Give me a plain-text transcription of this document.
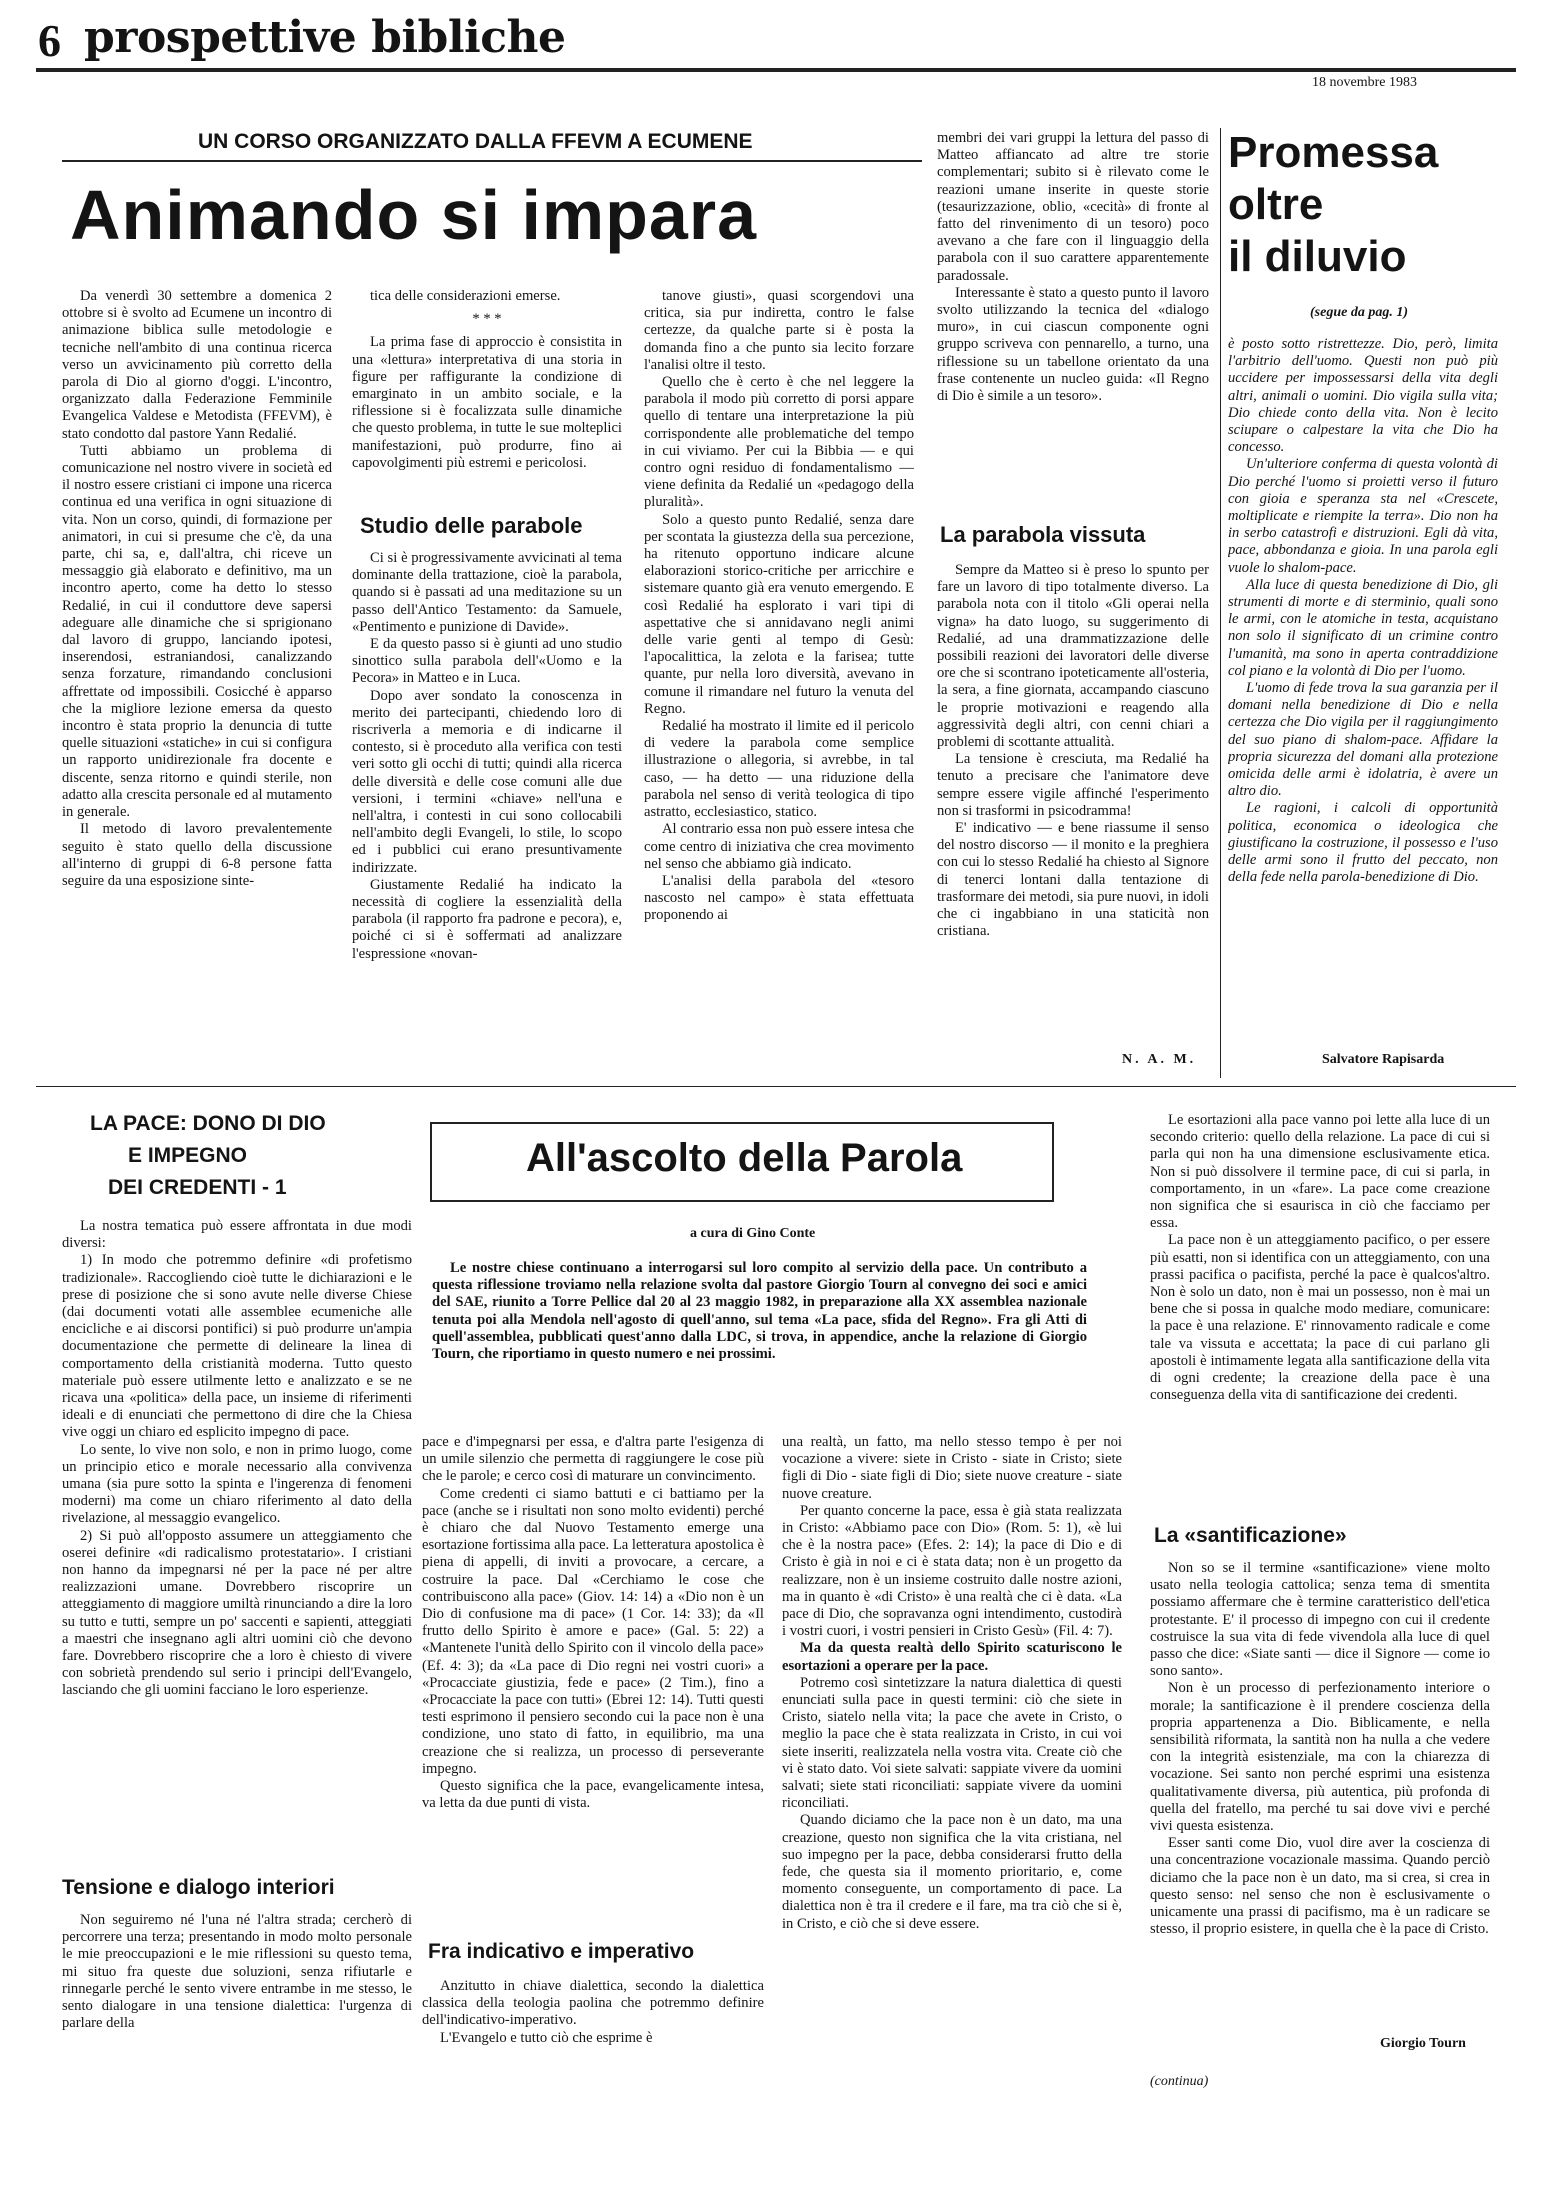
6 prospettive bibliche
18 novembre 1983
UN CORSO ORGANIZZATO DALLA FFEVM A ECUMENE
Animando si impara

Da venerdì 30 settembre a domenica 2 ottobre si è svolto ad Ecumene un incontro di animazione biblica sulle metodologie e tecniche nell'ambito di una continua ricerca verso un avvicinamento più corretto della parola di Dio al giorno d'oggi. L'incontro, organizzato dalla Federazione Femminile Evangelica Valdese e Metodista (FFEVM), è stato condotto dal pastore Yann Redalié.

Tutti abbiamo un problema di comunicazione nel nostro vivere in società ed il nostro essere cristiani ci impone una ricerca continua ed una verifica in ogni situazione di vita. Non un corso, quindi, di formazione per animatori, in cui si presume che c'è, da una parte, chi sa, e, dall'altra, chi riceve un messaggio già elaborato e definitivo, ma un incontro aperto, come ha detto lo stesso Redalié, in cui il conduttore deve sapersi adeguare alle dinamiche che si sprigionano dal lavoro di gruppo, lanciando ipotesi, inserendosi, estraniandosi, canalizzando senza forzature, rimandando conclusioni affrettate od impossibili. Cosicché è apparso che la migliore lezione emersa da questo incontro è stata proprio la denuncia di tutte quelle situazioni «statiche» in cui si configura un rapporto unidirezionale fra docente e discente, senza ritorno e quindi sterile, non adatto alla crescita personale ed al mutamento in generale.

Il metodo di lavoro prevalentemente seguito è stato quello della discussione all'interno di gruppi di 6-8 persone fatta seguire da una esposizione sinte-

tica delle considerazioni emerse.

* * *

La prima fase di approccio è consistita in una «lettura» interpretativa di una storia in figure per raffigurante la condizione di emarginato in un ambito sociale, e la riflessione si è focalizzata sulle dinamiche che questo problema, in tutte le sue molteplici manifestazioni, può produrre, fino ai capovolgimenti più estremi e pericolosi.

Studio delle parabole

Ci si è progressivamente avvicinati al tema dominante della trattazione, cioè la parabola, quando si è passati ad una meditazione su un passo dell'Antico Testamento: da Samuele, «Pentimento e punizione di Davide».

E da questo passo si è giunti ad uno studio sinottico sulla parabola dell'«Uomo e la Pecora» in Matteo e in Luca.

Dopo aver sondato la conoscenza in merito dei partecipanti, chiedendo loro di riscriverla a memoria e di indicarne il contesto, si è proceduto alla verifica con testi veri sotto gli occhi di tutti; quindi alla ricerca delle diversità e delle cose comuni alle due versioni, i termini «chiave» nell'una e nell'altra, i contesti in cui sono collocabili nell'ambito degli Evangeli, lo stile, lo scopo ed i pubblici cui erano presuntivamente indirizzate.

Giustamente Redalié ha indicato la necessità di cogliere la essenzialità della parabola (il rapporto fra padrone e pecora), e, poiché ci si è soffermati ad analizzare l'espressione «novan-

tanove giusti», quasi scorgendovi una critica, sia pur indiretta, contro le false certezze, da qualche parte si è posta la domanda fino a che punto sia lecito forzare l'analisi oltre il testo.

Quello che è certo è che nel leggere la parabola il modo più corretto di porsi appare quello di tentare una interpretazione la più corrispondente alle problematiche del tempo in cui viviamo. Per cui la Bibbia — e qui contro ogni residuo di fondamentalismo — viene definita da Redalié un «pedagogo della pluralità».

Solo a questo punto Redalié, senza dare per scontata la giustezza della sua percezione, ha ritenuto opportuno indicare alcune elaborazioni storico-critiche per arricchire e sistemare quanto già era venuto emergendo. E così Redalié ha esplorato i vari tipi di aspettative che si annidavano negli animi delle varie genti al tempo di Gesù: l'apocalittica, la zelota e la farisea; tutte quante, pur nella loro diversità, avevano in comune il rimandare nel futuro la venuta del Regno.

Redalié ha mostrato il limite ed il pericolo di vedere la parabola come semplice illustrazione o allegoria, si avrebbe, in tal caso, — ha detto — una riduzione della parabola nel senso di verità teologica di tipo astratto, ecclesiastico, statico.

Al contrario essa non può essere intesa che come centro di iniziativa che crea movimento nel senso che abbiamo già indicato.

L'analisi della parabola del «tesoro nascosto nel campo» è stata effettuata proponendo ai

membri dei vari gruppi la lettura del passo di Matteo affiancato ad altre tre storie complementari; subito si è rilevato come le reazioni umane inserite in queste storie (tesaurizzazione, oblio, «cecità» di fronte al fatto del rinvenimento di un tesoro) poco avevano a che fare con il linguaggio della parabola con il suo carattere apparentemente paradossale.

Interessante è stato a questo punto il lavoro svolto utilizzando la tecnica del «dialogo muro», in cui ciascun componente ogni gruppo scriveva con pennarello, a turno, una riflessione su un tabellone orientato da una frase contenente un nucleo guida: «Il Regno di Dio è simile a un tesoro».

La parabola vissuta

Sempre da Matteo si è preso lo spunto per fare un lavoro di tipo totalmente diverso. La parabola nota con il titolo «Gli operai nella vigna» ha dato luogo, su suggerimento di Redalié, ad una drammatizzazione delle possibili reazioni dei lavoratori delle diverse ore che si scontrano ipoteticamente all'osteria, la sera, a fine giornata, accampando ciascuno le proprie motivazioni e reagendo alla aggressività degli altri, con cenni chiari a problemi di scottante attualità.

La tensione è cresciuta, ma Redalié ha tenuto a precisare che l'animatore deve sempre essere vigile affinché l'esperimento non si trasformi in psicodramma!

E' indicativo — e bene riassume il senso del nostro discorso — il monito e la preghiera con cui lo stesso Redalié ha chiesto al Signore di tenerci lontani dalla tentazione di trasformare dei metodi, sia pure nuovi, in idoli che ci ingabbiano in una staticità non cristiana.

N. A. M.
Promessa
oltre
il diluvio
(segue da pag. 1)

è posto sotto ristrettezze. Dio, però, limita l'arbitrio dell'uomo. Questi non può più uccidere per impossessarsi della vita degli altri, animali o uomini. Dio vigila sulla vita; Dio chiede conto della vita. Non è lecito sciupare o calpestare la vita che Dio ha concesso.

Un'ulteriore conferma di questa volontà di Dio perché l'uomo si proietti verso il futuro con gioia e speranza sta nel «Crescete, moltiplicate e riempite la terra». Dio non ha in serbo catastrofi e distruzioni. Egli dà vita, pace, abbondanza e gioia. In una parola egli vuole lo shalom-pace.

Alla luce di questa benedizione di Dio, gli strumenti di morte e di sterminio, quali sono le armi, con le atomiche in testa, acquistano non solo il significato di un crimine contro l'umanità, ma sono in aperta contraddizione col piano e la volontà di Dio per l'uomo.

L'uomo di fede trova la sua garanzia per il domani nella benedizione di Dio e nella certezza che Dio vigila per il raggiungimento del suo piano di shalom-pace. Affidare la propria sicurezza del domani alla protezione omicida delle armi è idolatria, è avere un altro dio.

Le ragioni, i calcoli di opportunità politica, economica o ideologica che giustificano la costruzione, il possesso e l'uso delle armi sono il frutto del peccato, non della fede nella parola-benedizione di Dio.

Salvatore Rapisarda
LA PACE: DONO DI DIO
E IMPEGNO
DEI CREDENTI - 1
All'ascolto della Parola
a cura di Gino Conte

Le nostre chiese continuano a interrogarsi sul loro compito al servizio della pace. Un contributo a questa riflessione troviamo nella relazione svolta dal pastore Giorgio Tourn al convegno dei soci e amici del SAE, riunito a Torre Pellice dal 20 al 23 maggio 1982, in preparazione alla XX assemblea nazionale tenuta poi alla Mendola nell'agosto di quell'anno, sul tema «La pace, sfida del Regno». Fra gli Atti di quell'assemblea, pubblicati quest'anno dalla LDC, si trova, in appendice, anche la relazione di Giorgio Tourn, che riportiamo in questo numero e nei prossimi.

La nostra tematica può essere affrontata in due modi diversi:

1) In modo che potremmo definire «di profetismo tradizionale». Raccogliendo cioè tutte le dichiarazioni e le prese di posizione che si sono avute nelle diverse Chiese (dai documenti votati alle assemblee ecumeniche alle encicliche e ai discorsi pontifici) si può produrre un'ampia documentazione che permette di delineare la linea di comportamento della cristianità moderna. Tutto questo materiale può essere utilmente letto e analizzato e se ne ricava una «politica» della pace, un insieme di riferimenti ideali e di enunciati che permettono di dire che la Chiesa vive oggi un chiaro ed esplicito impegno di pace.

Lo sente, lo vive non solo, e non in primo luogo, come un principio etico e morale necessario alla convivenza umana (sia pure sotto la spinta e l'ingerenza di fenomeni moderni) ma come un chiaro riferimento al dato della rivelazione, al messaggio evangelico.

2) Si può all'opposto assumere un atteggiamento che oserei definire «di radicalismo protestatario». I cristiani non hanno da impegnarsi né per la pace né per altre realizzazioni umane. Dovrebbero riscoprire un atteggiamento di maggiore umiltà rinunciando a dire la loro su tutto e tutti, sempre un po' saccenti e sapienti, atteggiati a maestri che insegnano agli altri uomini ciò che devono fare. Dovrebbero riscoprire che a loro è chiesto di vivere con sobrietà prendendo sul serio i principi dell'Evangelo, lasciando che gli uomini facciano le loro esperienze.

Tensione e dialogo interiori

Non seguiremo né l'una né l'altra strada; cercherò di percorrere una terza; presentando in modo molto personale le mie preoccupazioni e le mie riflessioni su questo tema, mi situo fra queste due soluzioni, senza rifiutarle e rinnegarle perché le sento vivere entrambe in me stesso, le sento dialogare in una tensione dialettica: l'urgenza di parlare della

pace e d'impegnarsi per essa, e d'altra parte l'esigenza di un umile silenzio che permetta di raggiungere le cose più che le parole; e cerco così di maturare un convincimento.

Come credenti ci siamo battuti e ci battiamo per la pace (anche se i risultati non sono molto evidenti) perché è chiaro che dal Nuovo Testamento emerge una esortazione fortissima alla pace. La letteratura apostolica è piena di appelli, di inviti a provocare, a cercare, a costruire la pace. Dal «Cerchiamo le cose che contribuiscono alla pace» (Giov. 14: 14) a «Dio non è un Dio di confusione ma di pace» (1 Cor. 14: 33); da «Il frutto dello Spirito è amore e pace» (Gal. 5: 22) a «Mantenete l'unità dello Spirito con il vincolo della pace» (Ef. 4: 3); da «La pace di Dio regni nei vostri cuori» a «Procacciate giustizia, fede e pace» (2 Tim.), fino a «Procacciate la pace con tutti» (Ebrei 12: 14). Tutti questi testi esprimono il pensiero secondo cui la pace non è una condizione, uno stato di fatto, in equilibrio, ma una creazione che si realizza, un processo di perseverante impegno.

Questo significa che la pace, evangelicamente intesa, va letta da due punti di vista.

Fra indicativo e imperativo

Anzitutto in chiave dialettica, secondo la dialettica classica della teologia paolina che potremmo definire dell'indicativo-imperativo.

L'Evangelo e tutto ciò che esprime è

una realtà, un fatto, ma nello stesso tempo è per noi vocazione a vivere: siete in Cristo - siate in Cristo; siete figli di Dio - siate figli di Dio; siete nuove creature - siate nuove creature.

Per quanto concerne la pace, essa è già stata realizzata in Cristo: «Abbiamo pace con Dio» (Rom. 5: 1), «è lui che è la nostra pace» (Efes. 2: 14); la pace di Dio e di Cristo è già in noi e ci è stata data; non è un progetto da realizzare, non è un insieme costruito dalle nostre azioni, ma in quanto è «di Cristo» è una realtà che ci è data. «La pace di Dio, che sopravanza ogni intendimento, custodirà i vostri cuori, i vostri pensieri in Cristo Gesù» (Fil. 4: 7).

Ma da questa realtà dello Spirito scaturiscono le esortazioni a operare per la pace.

Potremo così sintetizzare la natura dialettica di questi enunciati sulla pace in questi termini: ciò che siete in Cristo, siatelo nella vita; la pace che avete in Cristo, o meglio la pace che è stata realizzata in Cristo, in cui voi siete inseriti, realizzatela nella vostra vita. Create ciò che vi è stato dato. Voi siete salvati: sappiate vivere da uomini salvati; siete stati riconciliati: sappiate vivere da uomini riconciliati.

Quando diciamo che la pace non è un dato, ma una creazione, questo non significa che la vita cristiana, nel suo impegno per la pace, debba considerarsi frutto della fede, che questa sia il momento prioritario, e, come momento conseguente, un comportamento di pace. La dialettica non è tra il credere e il fare, ma tra ciò che si è, in Cristo, e ciò che si deve essere.

Le esortazioni alla pace vanno poi lette alla luce di un secondo criterio: quello della relazione. La pace di cui si parla qui non ha una dimensione esclusivamente etica. Non si può dissolvere il termine pace, di cui si parla, in comportamento, in un «fare». La pace come creazione non significa che si esaurisca in ciò che facciamo per essa.

La pace non è un atteggiamento pacifico, o per essere più esatti, non si identifica con un atteggiamento, con una prassi pacifica o pacifista, perché la pace è qualcos'altro. Non è solo un dato, non è mai un possesso, non è mai un bene che si possa in qualche modo mediare, comunicare: la pace è una relazione. E' rinnovamento radicale e come tale va vissuta e accettata; la pace di cui parlano gli apostoli è intimamente legata alla santificazione della vita di ogni credente; la creazione della pace è una conseguenza della vita di santificazione dei credenti.

La «santificazione»

Non so se il termine «santificazione» viene molto usato nella teologia cattolica; senza tema di smentita possiamo affermare che è termine caratteristico dell'etica protestante. E' il processo di impegno con cui il credente costruisce la sua vita di fede vivendola alla luce di quel passo che dice: «Siate santi — dice il Signore — come io sono santo».

Non è un processo di perfezionamento interiore o morale; la santificazione è il prendere coscienza della propria appartenenza a Dio. Biblicamente, e nella sensibilità riformata, la santità non ha nulla a che vedere con la integrità esistenziale, ma con la chiarezza di vocazione. Sei santo non perché esprimi una esistenza qualitativamente diversa, più autentica, più profonda di quella del fratello, ma perché tu sai dove vivi e perché vivi questa esistenza.

Esser santi come Dio, vuol dire aver la coscienza di una concentrazione vocazionale massima. Quando perciò diciamo che la pace non è un dato, ma si crea, si crea in questo senso: nel senso che non è esclusivamente o unicamente una prassi di pacifismo, ma è un radicare se stesso, il proprio esistere, in quella che è la pace di Cristo.

Giorgio Tourn
(continua)
